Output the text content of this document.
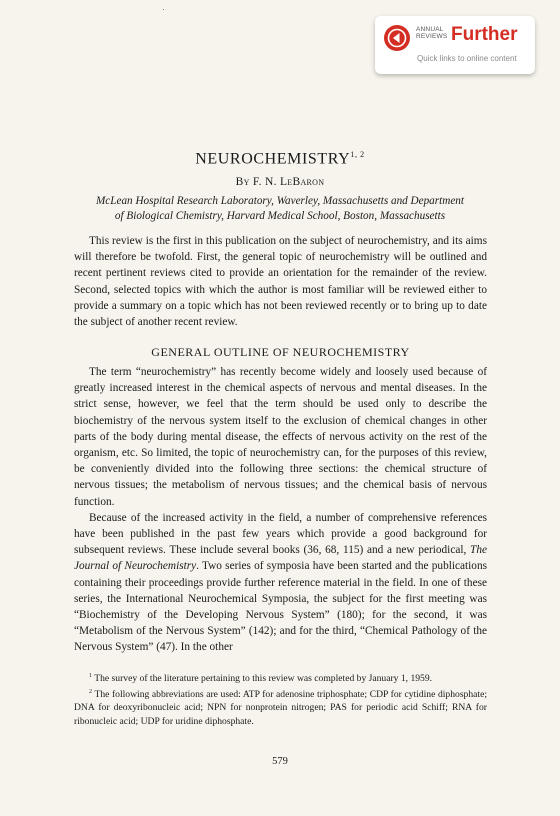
ANNUAL
REVIEWS Further
Quick links to online content
NEUROCHEMISTRY$^{1, 2}$
By F. N. LeBaron
McLean Hospital Research Laboratory, Waverley, Massachusetts and Department
of Biological Chemistry, Harvard Medical School, Boston, Massachusetts

This review is the first in this publication on the subject of neurochemistry, and its aims will therefore be twofold. First, the general topic of neurochemistry will be outlined and recent pertinent reviews cited to provide an orientation for the remainder of the review. Second, selected topics with which the author is most familiar will be reviewed either to provide a summary on a topic which has not been reviewed recently or to bring up to date the subject of another recent review.

GENERAL OUTLINE OF NEUROCHEMISTRY

The term “neurochemistry” has recently become widely and loosely used because of greatly increased interest in the chemical aspects of nervous and mental diseases. In the strict sense, however, we feel that the term should be used only to describe the biochemistry of the nervous system itself to the exclusion of chemical changes in other parts of the body during mental disease, the effects of nervous activity on the rest of the organism, etc. So limited, the topic of neurochemistry can, for the purposes of this review, be conveniently divided into the following three sections: the chemical structure of nervous tissues; the metabolism of nervous tissues; and the chemical basis of nervous function.

Because of the increased activity in the field, a number of comprehensive references have been published in the past few years which provide a good background for subsequent reviews. These include several books (36, 68, 115) and a new periodical, The Journal of Neurochemistry. Two series of symposia have been started and the publications containing their proceedings provide further reference material in the field. In one of these series, the International Neurochemical Symposia, the subject for the first meeting was “Biochemistry of the Developing Nervous System” (180); for the second, it was “Metabolism of the Nervous System” (142); and for the third, “Chemical Pathology of the Nervous System” (47). In the other

$^1$ The survey of the literature pertaining to this review was completed by January 1, 1959.

$^2$ The following abbreviations are used: ATP for adenosine triphosphate; CDP for cytidine diphosphate; DNA for deoxyribonucleic acid; NPN for nonprotein nitrogen; PAS for periodic acid Schiff; RNA for ribonucleic acid; UDP for uridine diphosphate.

579
